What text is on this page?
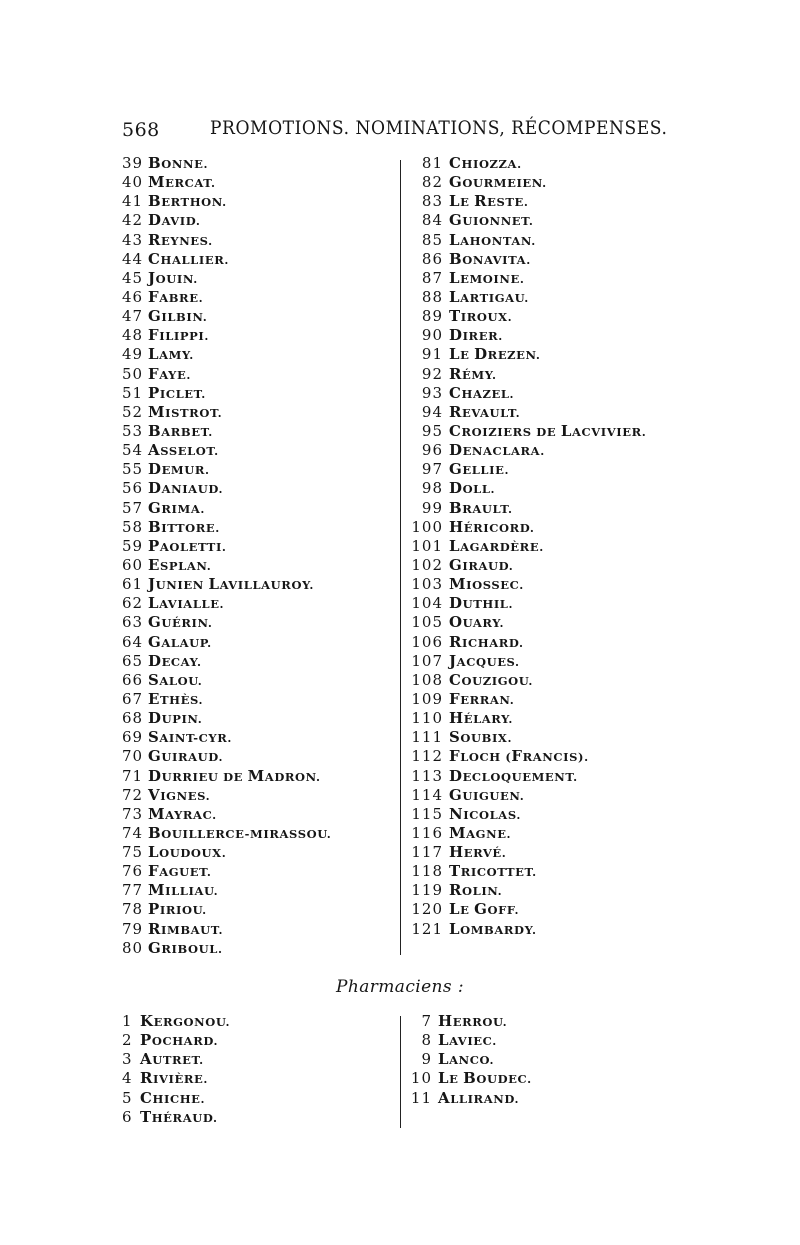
568	PROMOTIONS. NOMINATIONS, RÉCOMPENSES.
39 BONNE.
40 MERCAT.
41 BERTHON.
42 DAVID.
43 REYNES.
44 CHALLIER.
45 JOUIN.
46 FABRE.
47 GILBIN.
48 FILIPPI.
49 LAMY.
50 FAYE.
51 PICLET.
52 MISTROT.
53 BARBET.
54 ASSELOT.
55 DEMUR.
56 DANIAUD.
57 GRIMA.
58 BITTORE.
59 PAOLETTI.
60 ESPLAN.
61 JUNIEN LAVILLAUROY.
62 LAVIALLE.
63 GUÉRIN.
64 GALAUP.
65 DECAY.
66 SALOU.
67 ETHÈS.
68 DUPIN.
69 SAINT-CYR.
70 GUIRAUD.
71 DURRIEU DE MADRON.
72 VIGNES.
73 MAYRAC.
74 BOUILLERCE-MIRASSOU.
75 LOUDOUX.
76 FAGUET.
77 MILLIAU.
78 PIRIOU.
79 RIMBAUT.
80 GRIBOUL.
81 CHIOZZA.
82 GOURMEIEN.
83 LE RESTE.
84 GUIONNET.
85 LAHONTAN.
86 BONAVITA.
87 LEMOINE.
88 LARTIGAU.
89 TIROUX.
90 DIRER.
91 LE DREZEN.
92 RÉMY.
93 CHAZEL.
94 REVAULT.
95 CROIZIERS DE LACVIVIER.
96 DENACLARA.
97 GELLIE.
98 DOLL.
99 BRAULT.
100 HÉRICORD.
101 LAGARDÈRE.
102 GIRAUD.
103 MIOSSEC.
104 DUTHIL.
105 OUARY.
106 RICHARD.
107 JACQUES.
108 COUZIGOU.
109 FERRAN.
110 HÉLARY.
111 SOUBIX.
112 FLOCH (FRANCIS).
113 DECLOQUEMENT.
114 GUIGUEN.
115 NICOLAS.
116 MAGNE.
117 HERVÉ.
118 TRICOTTET.
119 ROLIN.
120 LE GOFF.
121 LOMBARDY.
Pharmaciens :
1 KERGONOU.
2 POCHARD.
3 AUTRET.
4 RIVIÈRE.
5 CHICHE.
6 THÉRAUD.
7 HERROU.
8 LAVIEC.
9 LANCO.
10 LE BOUDEC.
11 ALLIRAND.
